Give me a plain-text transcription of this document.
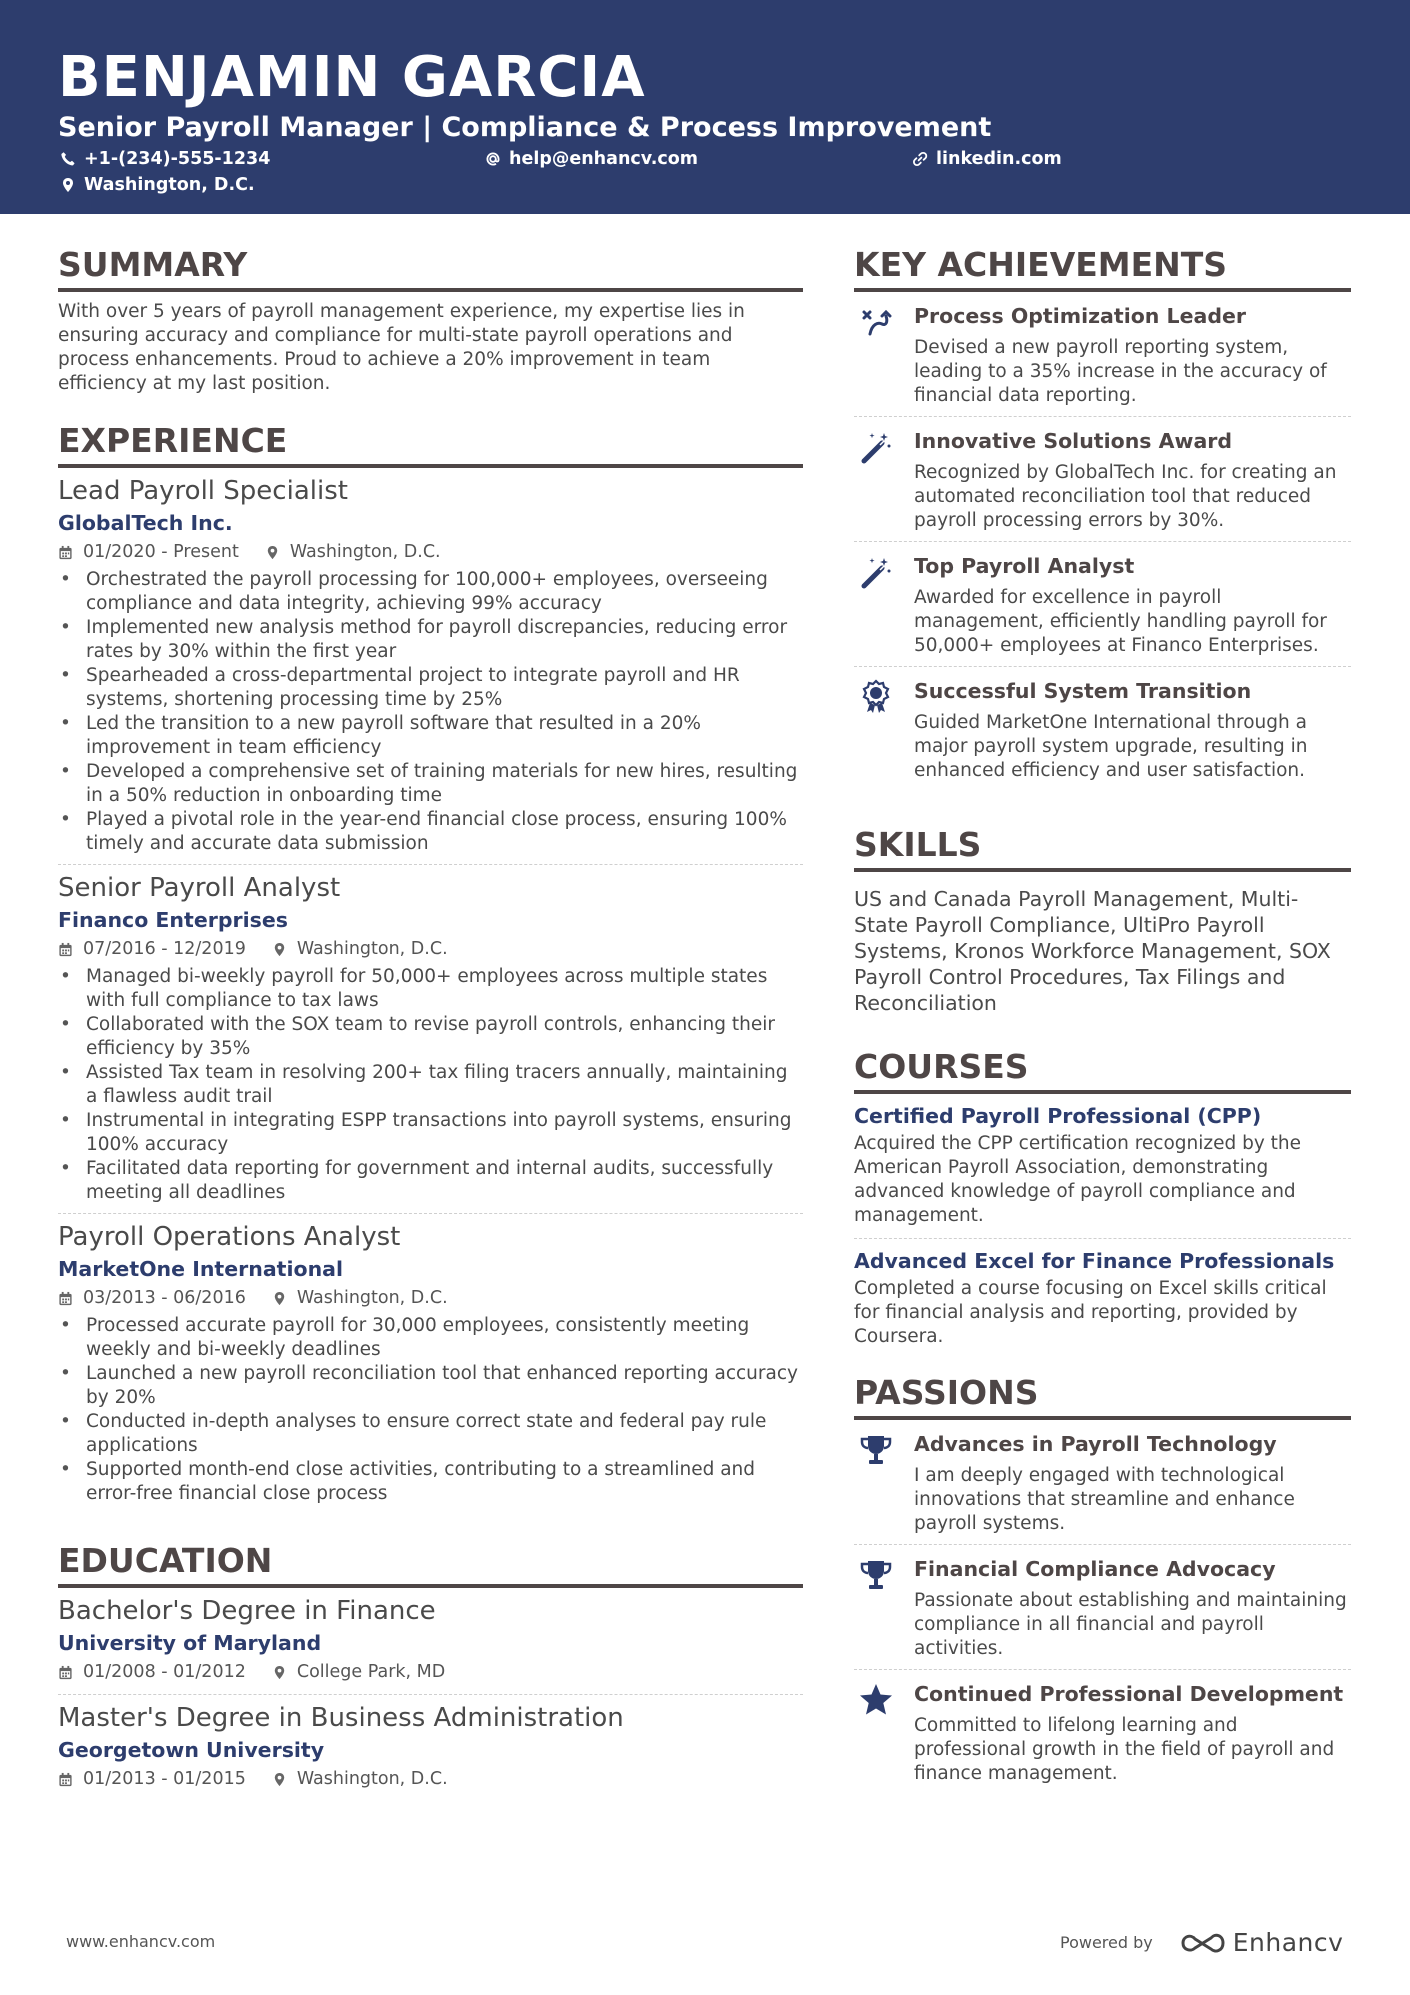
BENJAMIN GARCIA
Senior Payroll Manager | Compliance & Process Improvement
+1-(234)-555-1234	help@enhancv.com	linkedin.com
Washington, D.C.
SUMMARY
With over 5 years of payroll management experience, my expertise lies in ensuring accuracy and compliance for multi-state payroll operations and process enhancements. Proud to achieve a 20% improvement in team efficiency at my last position.
EXPERIENCE
Lead Payroll Specialist
GlobalTech Inc.
01/2020 - Present	Washington, D.C.
• Orchestrated the payroll processing for 100,000+ employees, overseeing compliance and data integrity, achieving 99% accuracy
• Implemented new analysis method for payroll discrepancies, reducing error rates by 30% within the first year
• Spearheaded a cross-departmental project to integrate payroll and HR systems, shortening processing time by 25%
• Led the transition to a new payroll software that resulted in a 20% improvement in team efficiency
• Developed a comprehensive set of training materials for new hires, resulting in a 50% reduction in onboarding time
• Played a pivotal role in the year-end financial close process, ensuring 100% timely and accurate data submission
Senior Payroll Analyst
Financo Enterprises
07/2016 - 12/2019	Washington, D.C.
• Managed bi-weekly payroll for 50,000+ employees across multiple states with full compliance to tax laws
• Collaborated with the SOX team to revise payroll controls, enhancing their efficiency by 35%
• Assisted Tax team in resolving 200+ tax filing tracers annually, maintaining a flawless audit trail
• Instrumental in integrating ESPP transactions into payroll systems, ensuring 100% accuracy
• Facilitated data reporting for government and internal audits, successfully meeting all deadlines
Payroll Operations Analyst
MarketOne International
03/2013 - 06/2016	Washington, D.C.
• Processed accurate payroll for 30,000 employees, consistently meeting weekly and bi-weekly deadlines
• Launched a new payroll reconciliation tool that enhanced reporting accuracy by 20%
• Conducted in-depth analyses to ensure correct state and federal pay rule applications
• Supported month-end close activities, contributing to a streamlined and error-free financial close process
EDUCATION
Bachelor's Degree in Finance
University of Maryland
01/2008 - 01/2012	College Park, MD
Master's Degree in Business Administration
Georgetown University
01/2013 - 01/2015	Washington, D.C.
KEY ACHIEVEMENTS
Process Optimization Leader
Devised a new payroll reporting system, leading to a 35% increase in the accuracy of financial data reporting.
Innovative Solutions Award
Recognized by GlobalTech Inc. for creating an automated reconciliation tool that reduced payroll processing errors by 30%.
Top Payroll Analyst
Awarded for excellence in payroll management, efficiently handling payroll for 50,000+ employees at Financo Enterprises.
Successful System Transition
Guided MarketOne International through a major payroll system upgrade, resulting in enhanced efficiency and user satisfaction.
SKILLS
US and Canada Payroll Management, Multi-State Payroll Compliance, UltiPro Payroll Systems, Kronos Workforce Management, SOX Payroll Control Procedures, Tax Filings and Reconciliation
COURSES
Certified Payroll Professional (CPP)
Acquired the CPP certification recognized by the American Payroll Association, demonstrating advanced knowledge of payroll compliance and management.
Advanced Excel for Finance Professionals
Completed a course focusing on Excel skills critical for financial analysis and reporting, provided by Coursera.
PASSIONS
Advances in Payroll Technology
I am deeply engaged with technological innovations that streamline and enhance payroll systems.
Financial Compliance Advocacy
Passionate about establishing and maintaining compliance in all financial and payroll activities.
Continued Professional Development
Committed to lifelong learning and professional growth in the field of payroll and finance management.
www.enhancv.com	Powered by	Enhancv
